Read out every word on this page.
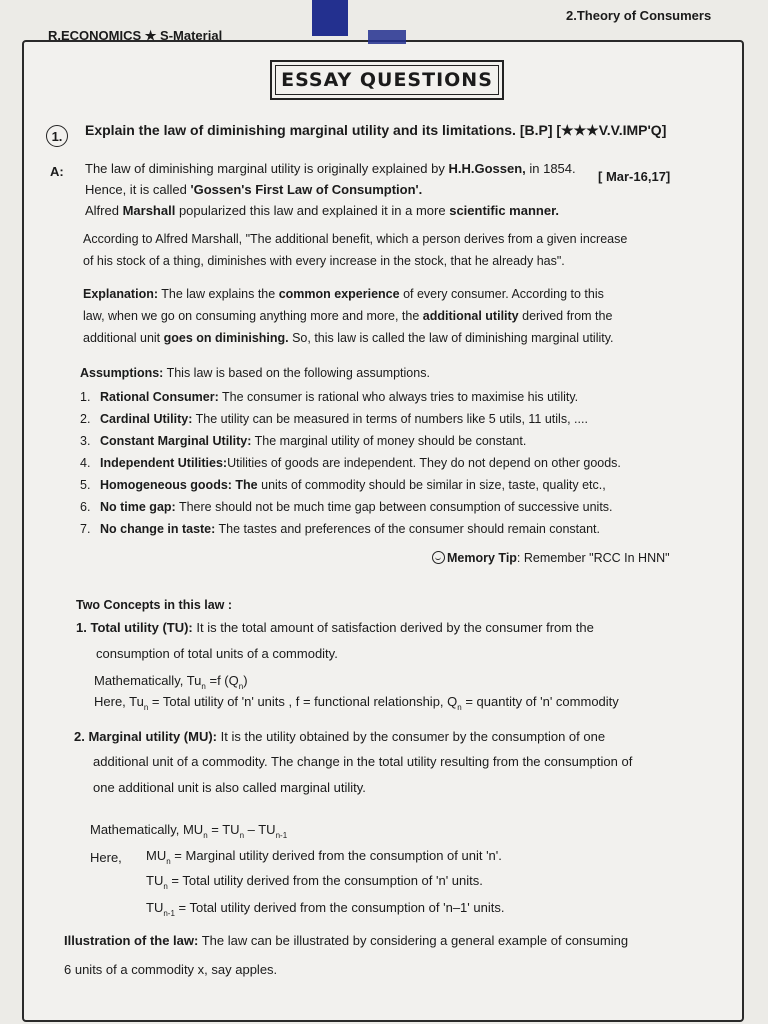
R.ECONOMICS ★ S-Material
2.Theory of Consumers
ESSAY QUESTIONS
1.	Explain the law of diminishing marginal utility and its limitations. [B.P] [★★★V.V.IMP'Q]
A: The law of diminishing marginal utility is originally explained by H.H.Gossen, in 1854.
Hence, it is called 'Gossen's First Law of Consumption'.
[ Mar-16,17]
Alfred Marshall popularized this law and explained it in a more scientific manner.
According to Alfred Marshall, "The additional benefit, which a person derives from a given increase
of his stock of a thing, diminishes with every increase in the stock, that he already has".
Explanation: The law explains the common experience of every consumer. According to this
law, when we go on consuming anything more and more, the additional utility derived from the
additional unit goes on diminishing. So, this law is called the law of diminishing marginal utility.
Assumptions: This law is based on the following assumptions.
1. Rational Consumer: The consumer is rational who always tries to maximise his utility.
2. Cardinal Utility: The utility can be measured in terms of numbers like 5 utils, 11 utils, ....
3. Constant Marginal Utility: The marginal utility of money should be constant.
4. Independent Utilities:Utilities of goods are independent. They do not depend on other goods.
5. Homogeneous goods: The units of commodity should be similar in size, taste, quality etc.,
6. No time gap: There should not be much time gap between consumption of successive units.
7. No change in taste: The tastes and preferences of the consumer should remain constant.
Memory Tip: Remember "RCC In HNN"
Two Concepts in this law :
1. Total utility (TU): It is the total amount of satisfaction derived by the consumer from the
consumption of total units of a commodity.
Mathematically, $Tu_n =f$ $(Q_n)$
Here, $Tu_n$ = Total utility of 'n' units , f = functional relationship, $Q_n$ = quantity of 'n' commodity
2. Marginal utility (MU): It is the utility obtained by the consumer by the consumption of one
additional unit of a commodity. The change in the total utility resulting from the consumption of
one additional unit is also called marginal utility.
Mathematically, $MU_n = TU_n - TU_{n-1}$
Here, $MU_n$ = Marginal utility derived from the consumption of unit 'n'.
$TU_n$ = Total utility derived from the consumption of 'n' units.
$TU_{n-1}$ = Total utility derived from the consumption of 'n–1' units.
Illustration of the law: The law can be illustrated by considering a general example of consuming
6 units of a commodity x, say apples.
